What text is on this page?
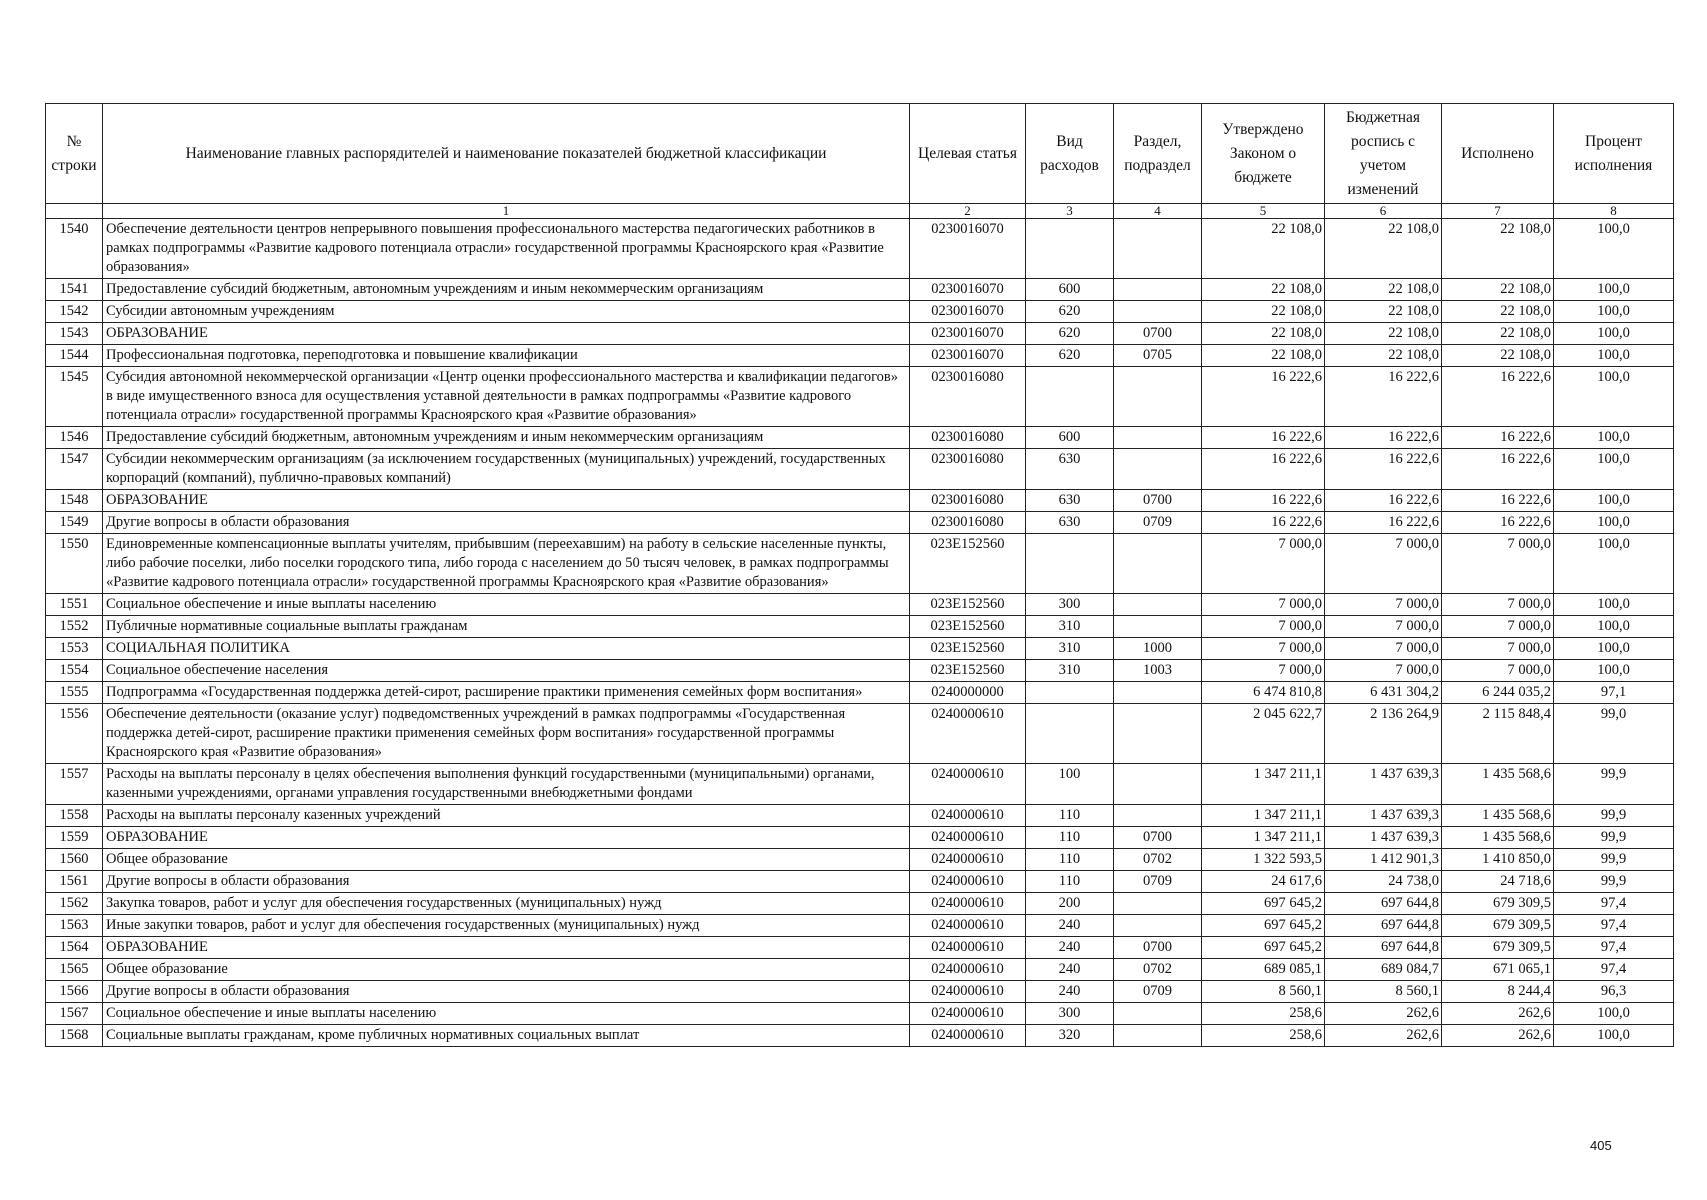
№ строки	Наименование главных распорядителей и наименование показателей бюджетной классификации	Целевая статья	Вид расходов	Раздел, подраздел	Утверждено Законом о бюджете	Бюджетная роспись с учетом изменений	Исполнено	Процент исполнения
	1	2	3	4	5	6	7	8
1540	Обеспечение деятельности центров непрерывного повышения профессионального мастерства педагогических работников в рамках подпрограммы «Развитие кадрового потенциала отрасли» государственной программы Красноярского края «Развитие образования»	0230016070			22 108,0	22 108,0	22 108,0	100,0
1541	Предоставление субсидий бюджетным, автономным учреждениям и иным некоммерческим организациям	0230016070	600		22 108,0	22 108,0	22 108,0	100,0
1542	Субсидии автономным учреждениям	0230016070	620		22 108,0	22 108,0	22 108,0	100,0
1543	ОБРАЗОВАНИЕ	0230016070	620	0700	22 108,0	22 108,0	22 108,0	100,0
1544	Профессиональная подготовка, переподготовка и повышение квалификации	0230016070	620	0705	22 108,0	22 108,0	22 108,0	100,0
1545	Субсидия автономной некоммерческой организации «Центр оценки профессионального мастерства и квалификации педагогов» в виде имущественного взноса для осуществления уставной деятельности в рамках подпрограммы «Развитие кадрового потенциала отрасли» государственной программы Красноярского края «Развитие образования»	0230016080			16 222,6	16 222,6	16 222,6	100,0
1546	Предоставление субсидий бюджетным, автономным учреждениям и иным некоммерческим организациям	0230016080	600		16 222,6	16 222,6	16 222,6	100,0
1547	Субсидии некоммерческим организациям (за исключением государственных (муниципальных) учреждений, государственных корпораций (компаний), публично-правовых компаний)	0230016080	630		16 222,6	16 222,6	16 222,6	100,0
1548	ОБРАЗОВАНИЕ	0230016080	630	0700	16 222,6	16 222,6	16 222,6	100,0
1549	Другие вопросы в области образования	0230016080	630	0709	16 222,6	16 222,6	16 222,6	100,0
1550	Единовременные компенсационные выплаты учителям, прибывшим (переехавшим) на работу в сельские населенные пункты, либо рабочие поселки, либо поселки городского типа, либо города с населением до 50 тысяч человек, в рамках подпрограммы «Развитие кадрового потенциала отрасли» государственной программы Красноярского края «Развитие образования»	023E152560			7 000,0	7 000,0	7 000,0	100,0
1551	Социальное обеспечение и иные выплаты населению	023E152560	300		7 000,0	7 000,0	7 000,0	100,0
1552	Публичные нормативные социальные выплаты гражданам	023E152560	310		7 000,0	7 000,0	7 000,0	100,0
1553	СОЦИАЛЬНАЯ ПОЛИТИКА	023E152560	310	1000	7 000,0	7 000,0	7 000,0	100,0
1554	Социальное обеспечение населения	023E152560	310	1003	7 000,0	7 000,0	7 000,0	100,0
1555	Подпрограмма «Государственная поддержка детей-сирот, расширение практики применения семейных форм воспитания»	0240000000			6 474 810,8	6 431 304,2	6 244 035,2	97,1
1556	Обеспечение деятельности (оказание услуг) подведомственных учреждений в рамках подпрограммы «Государственная поддержка детей-сирот, расширение практики применения семейных форм воспитания» государственной программы Красноярского края «Развитие образования»	0240000610			2 045 622,7	2 136 264,9	2 115 848,4	99,0
1557	Расходы на выплаты персоналу в целях обеспечения выполнения функций государственными (муниципальными) органами, казенными учреждениями, органами управления государственными внебюджетными фондами	0240000610	100		1 347 211,1	1 437 639,3	1 435 568,6	99,9
1558	Расходы на выплаты персоналу казенных учреждений	0240000610	110		1 347 211,1	1 437 639,3	1 435 568,6	99,9
1559	ОБРАЗОВАНИЕ	0240000610	110	0700	1 347 211,1	1 437 639,3	1 435 568,6	99,9
1560	Общее образование	0240000610	110	0702	1 322 593,5	1 412 901,3	1 410 850,0	99,9
1561	Другие вопросы в области образования	0240000610	110	0709	24 617,6	24 738,0	24 718,6	99,9
1562	Закупка товаров, работ и услуг для обеспечения государственных (муниципальных) нужд	0240000610	200		697 645,2	697 644,8	679 309,5	97,4
1563	Иные закупки товаров, работ и услуг для обеспечения государственных (муниципальных) нужд	0240000610	240		697 645,2	697 644,8	679 309,5	97,4
1564	ОБРАЗОВАНИЕ	0240000610	240	0700	697 645,2	697 644,8	679 309,5	97,4
1565	Общее образование	0240000610	240	0702	689 085,1	689 084,7	671 065,1	97,4
1566	Другие вопросы в области образования	0240000610	240	0709	8 560,1	8 560,1	8 244,4	96,3
1567	Социальное обеспечение и иные выплаты населению	0240000610	300		258,6	262,6	262,6	100,0
1568	Социальные выплаты гражданам, кроме публичных нормативных социальных выплат	0240000610	320		258,6	262,6	262,6	100,0
405
